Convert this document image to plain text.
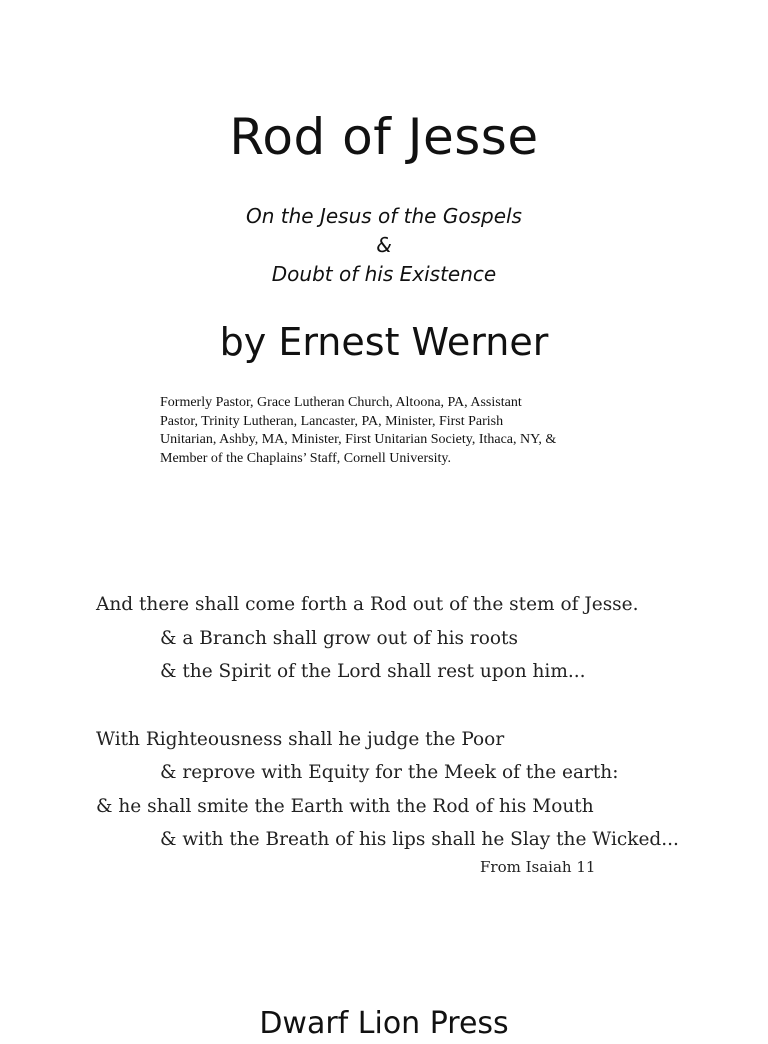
Rod of Jesse
On the Jesus of the Gospels
&
Doubt of his Existence
by Ernest Werner
Formerly Pastor, Grace Lutheran Church, Altoona, PA, Assistant
Pastor, Trinity Lutheran, Lancaster, PA, Minister, First Parish
Unitarian, Ashby, MA, Minister, First Unitarian Society, Ithaca, NY, &
Member of the Chaplains’ Staff, Cornell University.
And there shall come forth a Rod out of the stem of Jesse.
& a Branch shall grow out of his roots
& the Spirit of the Lord shall rest upon him...
With Righteousness shall he judge the Poor
& reprove with Equity for the Meek of the earth:
& he shall smite the Earth with the Rod of his Mouth
& with the Breath of his lips shall he Slay the Wicked...
From Isaiah 11
Dwarf Lion Press
